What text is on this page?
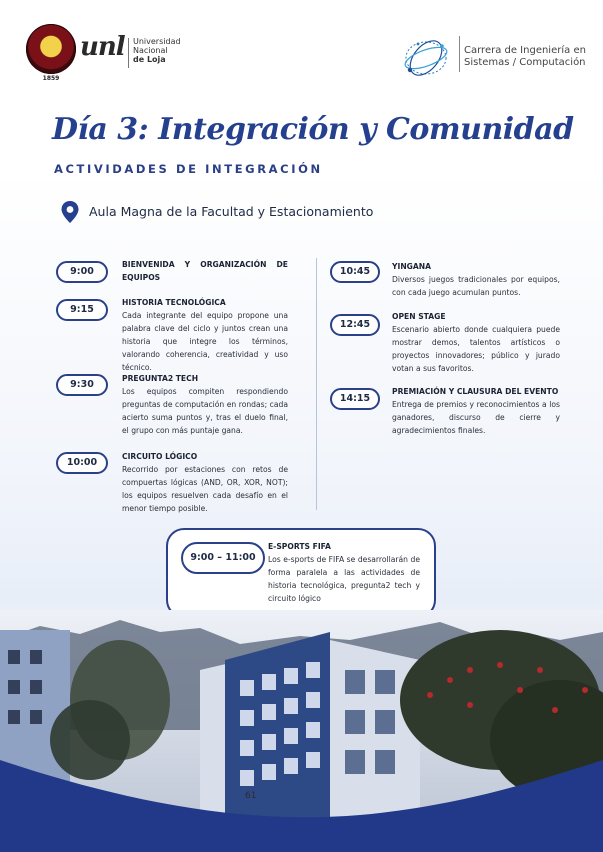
1859
unl Universidad
Nacional
de Loja
Carrera de Ingeniería en
Sistemas / Computación
Día 3: Integración y Comunidad
ACTIVIDADES DE INTEGRACIÓN
Aula Magna de la Facultad y Estacionamiento
9:00
BIENVENIDA Y ORGANIZACIÓN DE EQUIPOS
9:15
HISTORIA TECNOLÓGICA
Cada integrante del equipo propone una palabra clave del ciclo y juntos crean una historia que integre los términos, valorando coherencia, creatividad y uso técnico.
9:30
PREGUNTA2 TECH
Los equipos compiten respondiendo preguntas de computación en rondas; cada acierto suma puntos y, tras el duelo final, el grupo con más puntaje gana.
10:00
CIRCUITO LÓGICO
Recorrido por estaciones con retos de compuertas lógicas (AND, OR, XOR, NOT); los equipos resuelven cada desafío en el menor tiempo posible.
10:45	YINGANA
Diversos juegos tradicionales por equipos, con cada juego acumulan puntos.
12:45
OPEN STAGE
Escenario abierto donde cualquiera puede mostrar demos, talentos artísticos o proyectos innovadores; público y jurado votan a sus favoritos.
14:15
PREMIACIÓN Y CLAUSURA DEL EVENTO
Entrega de premios y reconocimientos a los ganadores, discurso de cierre y agradecimientos finales.
9:00 – 11:00
E-SPORTS FIFA
Los e-sports de FIFA se desarrollarán de forma paralela a las actividades de historia tecnológica, pregunta2 tech y circuito lógico
61
